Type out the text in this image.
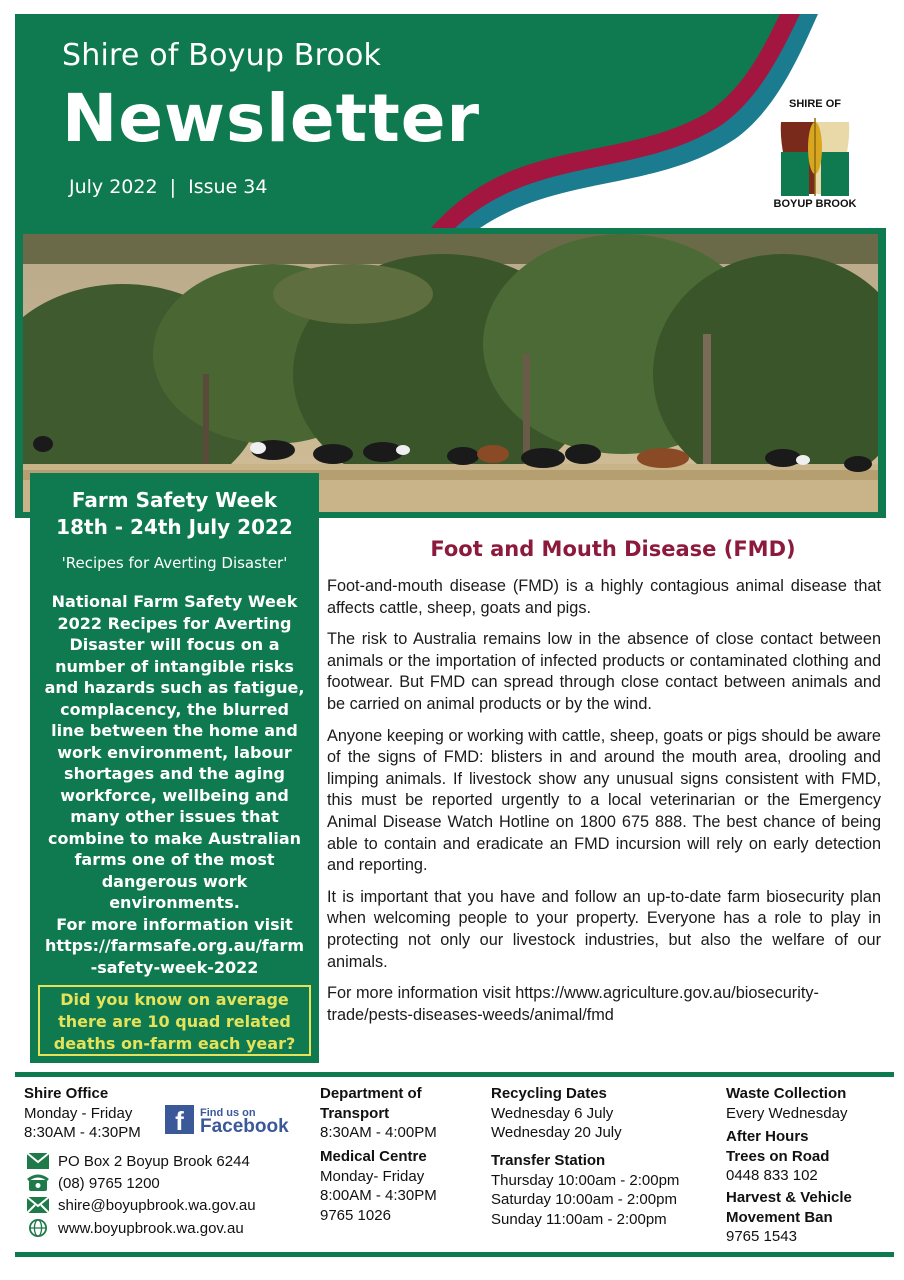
Shire of Boyup Brook
Newsletter
July 2022  |  Issue 34
SHIRE OF
BOYUP BROOK
Farm Safety Week
18th - 24th July 2022
'Recipes for Averting Disaster'
National Farm Safety Week 2022 Recipes for Averting Disaster will focus on a number of intangible risks and hazards such as fatigue, complacency, the blurred line between the home and work environment, labour shortages and the aging workforce, wellbeing and many other issues that combine to make Australian farms one of the most dangerous work environments.
For more information visit
https://farmsafe.org.au/farm-safety-week-2022
Did you know on average there are 10 quad related deaths on-farm each year?
Foot and Mouth Disease (FMD)

Foot-and-mouth disease (FMD) is a highly contagious animal disease that affects cattle, sheep, goats and pigs.

The risk to Australia remains low in the absence of close contact between animals or the importation of infected products or contaminated clothing and footwear. But FMD can spread through close contact between animals and be carried on animal products or by the wind.

Anyone keeping or working with cattle, sheep, goats or pigs should be aware of the signs of FMD: blisters in and around the mouth area, drooling and limping animals. If livestock show any unusual signs consistent with FMD, this must be reported urgently to a local veterinarian or the Emergency Animal Disease Watch Hotline on 1800 675 888. The best chance of being able to contain and eradicate an FMD incursion will rely on early detection and reporting.

It is important that you have and follow an up-to-date farm biosecurity plan when welcoming people to your property. Everyone has a role to play in protecting not only our livestock industries, but also the welfare of our animals.

For more information visit https://www.agriculture.gov.au/biosecurity-trade/pests-diseases-weeds/animal/fmd

Shire Office
Monday - Friday
8:30AM - 4:30PM	f	Find us on
Facebook
PO Box 2 Boyup Brook 6244
(08) 9765 1200
shire@boyupbrook.wa.gov.au
www.boyupbrook.wa.gov.au
Department of
Transport
8:30AM - 4:00PM
Medical Centre
Monday- Friday
8:00AM - 4:30PM
9765 1026
Recycling Dates
Wednesday 6 July
Wednesday 20 July
Transfer Station
Thursday 10:00am - 2:00pm
Saturday 10:00am - 2:00pm
Sunday 11:00am - 2:00pm
Waste Collection
Every Wednesday
After Hours
Trees on Road
0448 833 102
Harvest & Vehicle
Movement Ban
9765 1543
